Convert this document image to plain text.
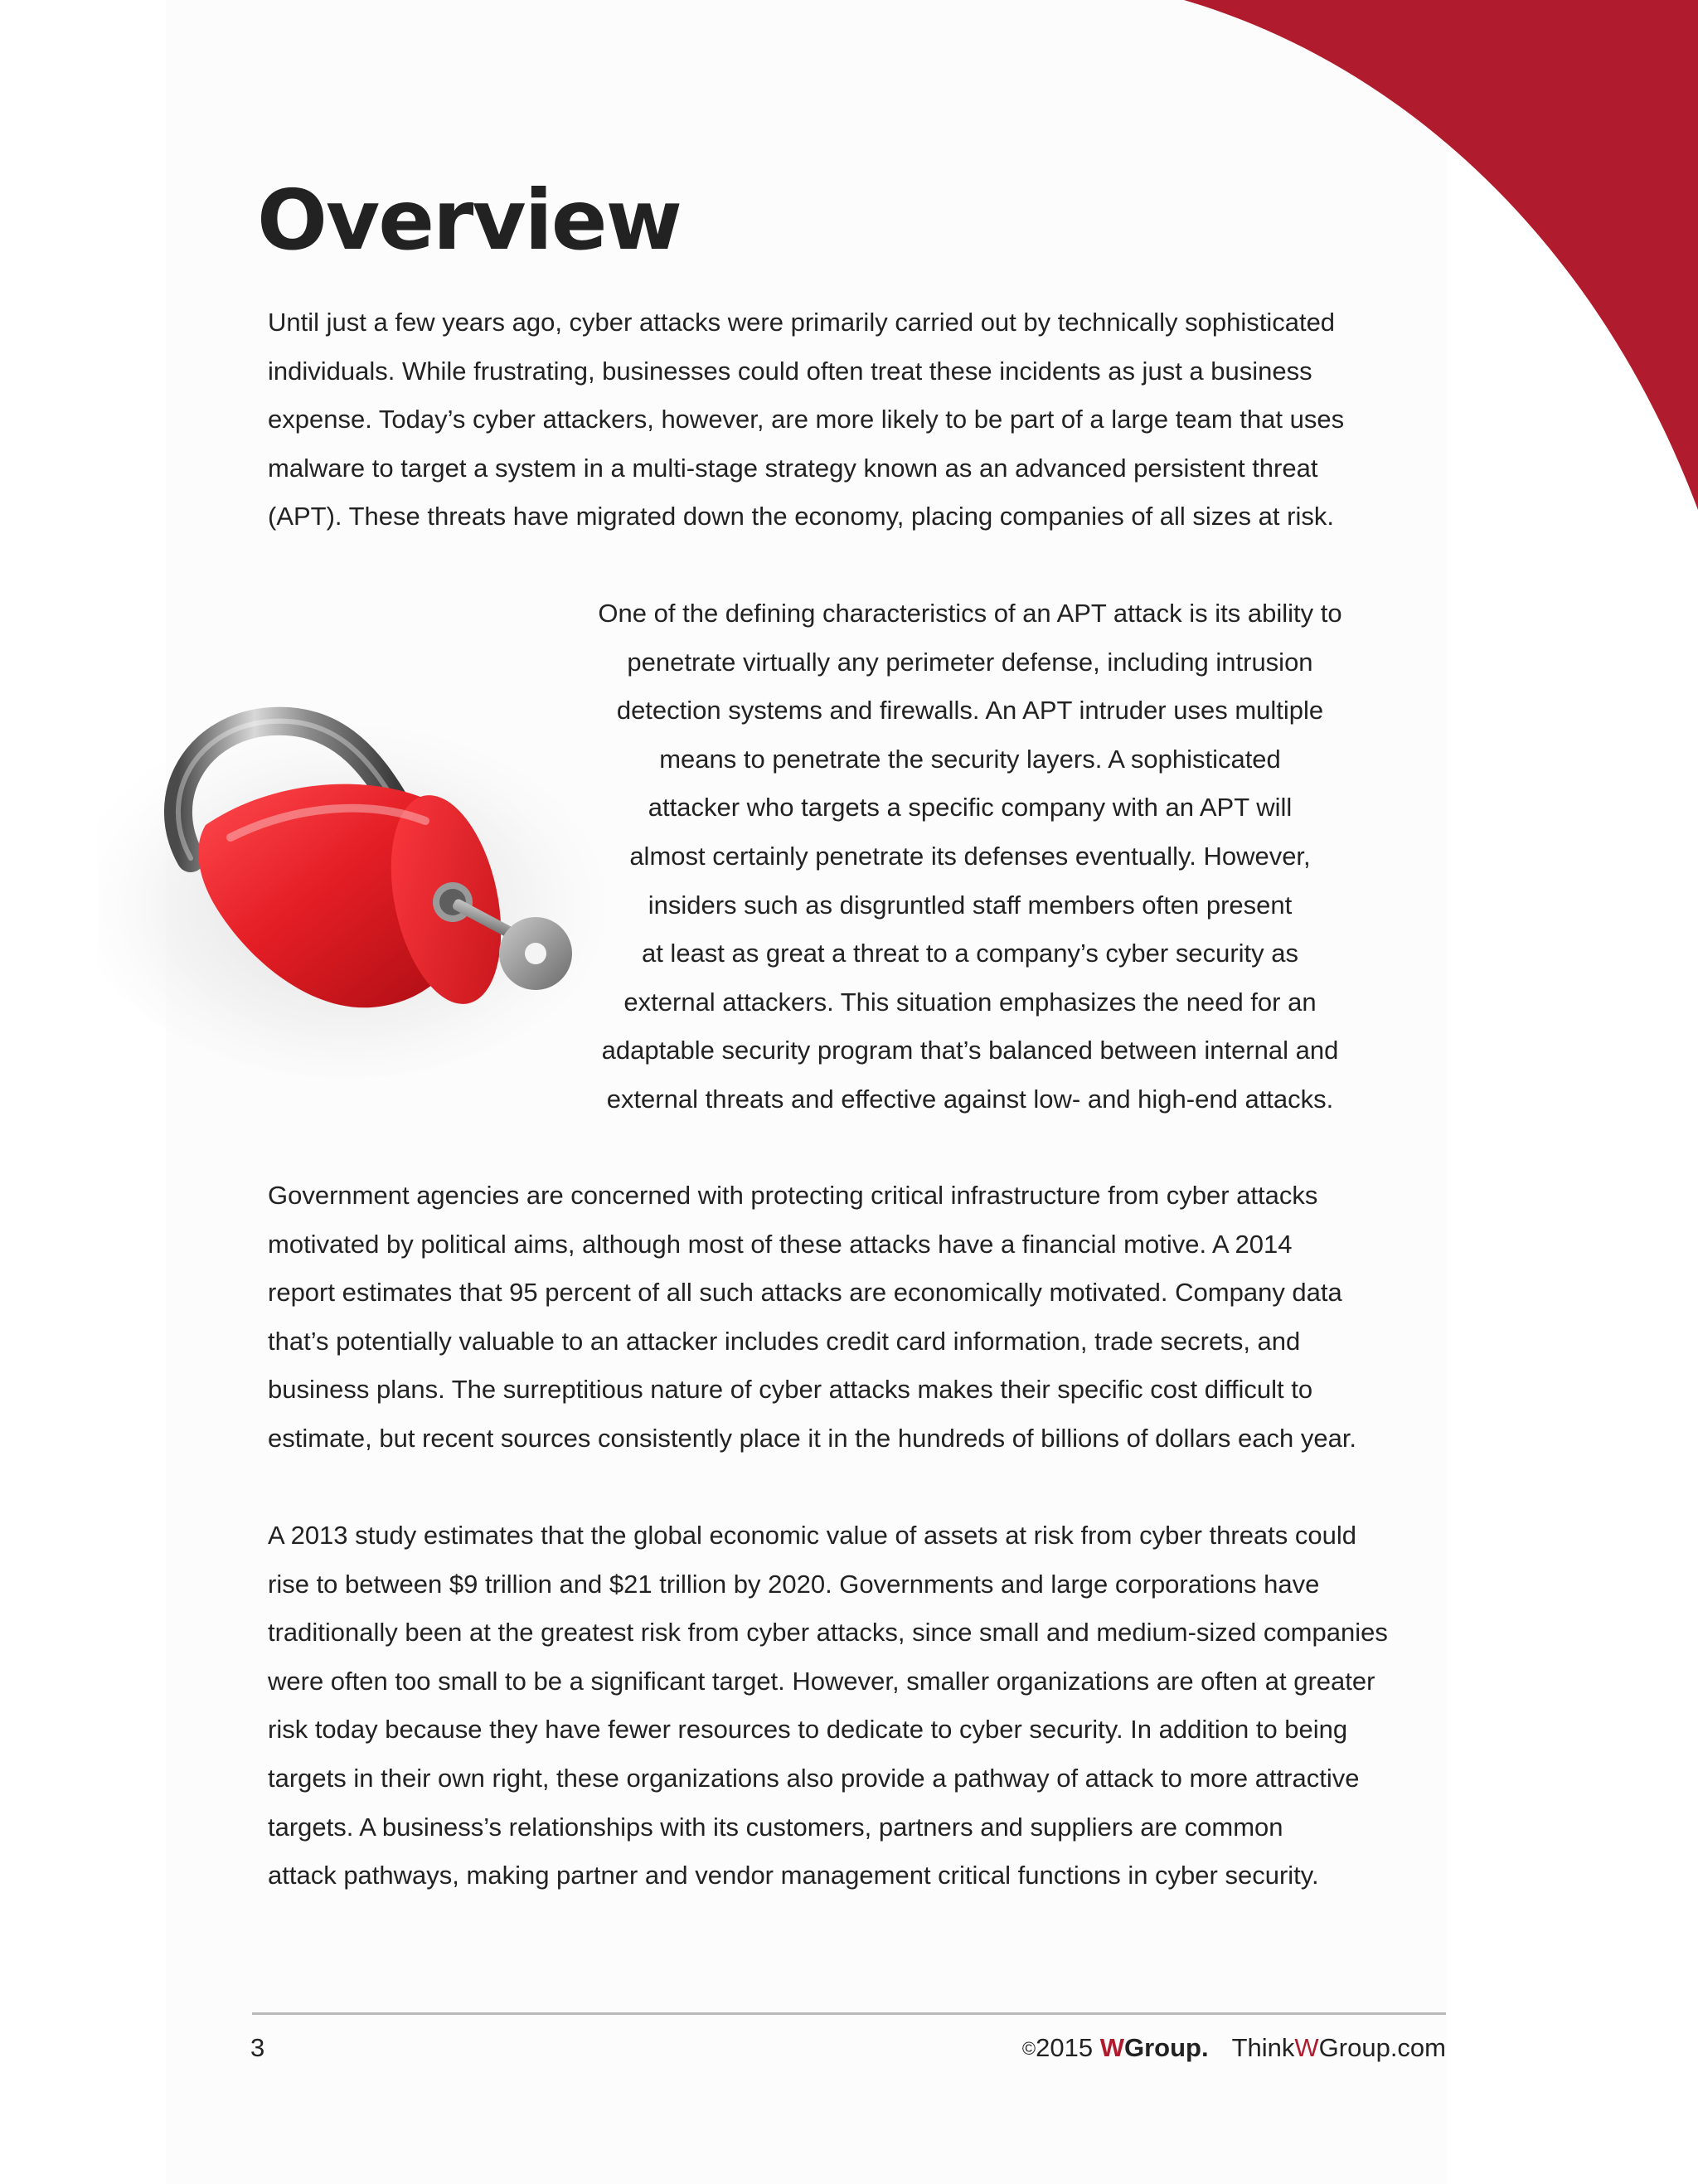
Overview
Until just a few years ago, cyber attacks were primarily carried out by technically sophisticated
individuals. While frustrating, businesses could often treat these incidents as just a business
expense. Today’s cyber attackers, however, are more likely to be part of a large team that uses
malware to target a system in a multi-stage strategy known as an advanced persistent threat
(APT). These threats have migrated down the economy, placing companies of all sizes at risk.
One of the defining characteristics of an APT attack is its ability to
penetrate virtually any perimeter defense, including intrusion
detection systems and firewalls. An APT intruder uses multiple
means to penetrate the security layers. A sophisticated
attacker who targets a specific company with an APT will
almost certainly penetrate its defenses eventually. However,
insiders such as disgruntled staff members often present
at least as great a threat to a company’s cyber security as
external attackers. This situation emphasizes the need for an
adaptable security program that’s balanced between internal and
external threats and effective against low- and high-end attacks.
Government agencies are concerned with protecting critical infrastructure from cyber attacks
motivated by political aims, although most of these attacks have a financial motive. A 2014
report estimates that 95 percent of all such attacks are economically motivated. Company data
that’s potentially valuable to an attacker includes credit card information, trade secrets, and
business plans. The surreptitious nature of cyber attacks makes their specific cost difficult to
estimate, but recent sources consistently place it in the hundreds of billions of dollars each year.
A 2013 study estimates that the global economic value of assets at risk from cyber threats could
rise to between $9 trillion and $21 trillion by 2020. Governments and large corporations have
traditionally been at the greatest risk from cyber attacks, since small and medium-sized companies
were often too small to be a significant target. However, smaller organizations are often at greater
risk today because they have fewer resources to dedicate to cyber security. In addition to being
targets in their own right, these organizations also provide a pathway of attack to more attractive
targets. A business’s relationships with its customers, partners and suppliers are common
attack pathways, making partner and vendor management critical functions in cyber security.
3	©2015 WGroup. ThinkWGroup.com
